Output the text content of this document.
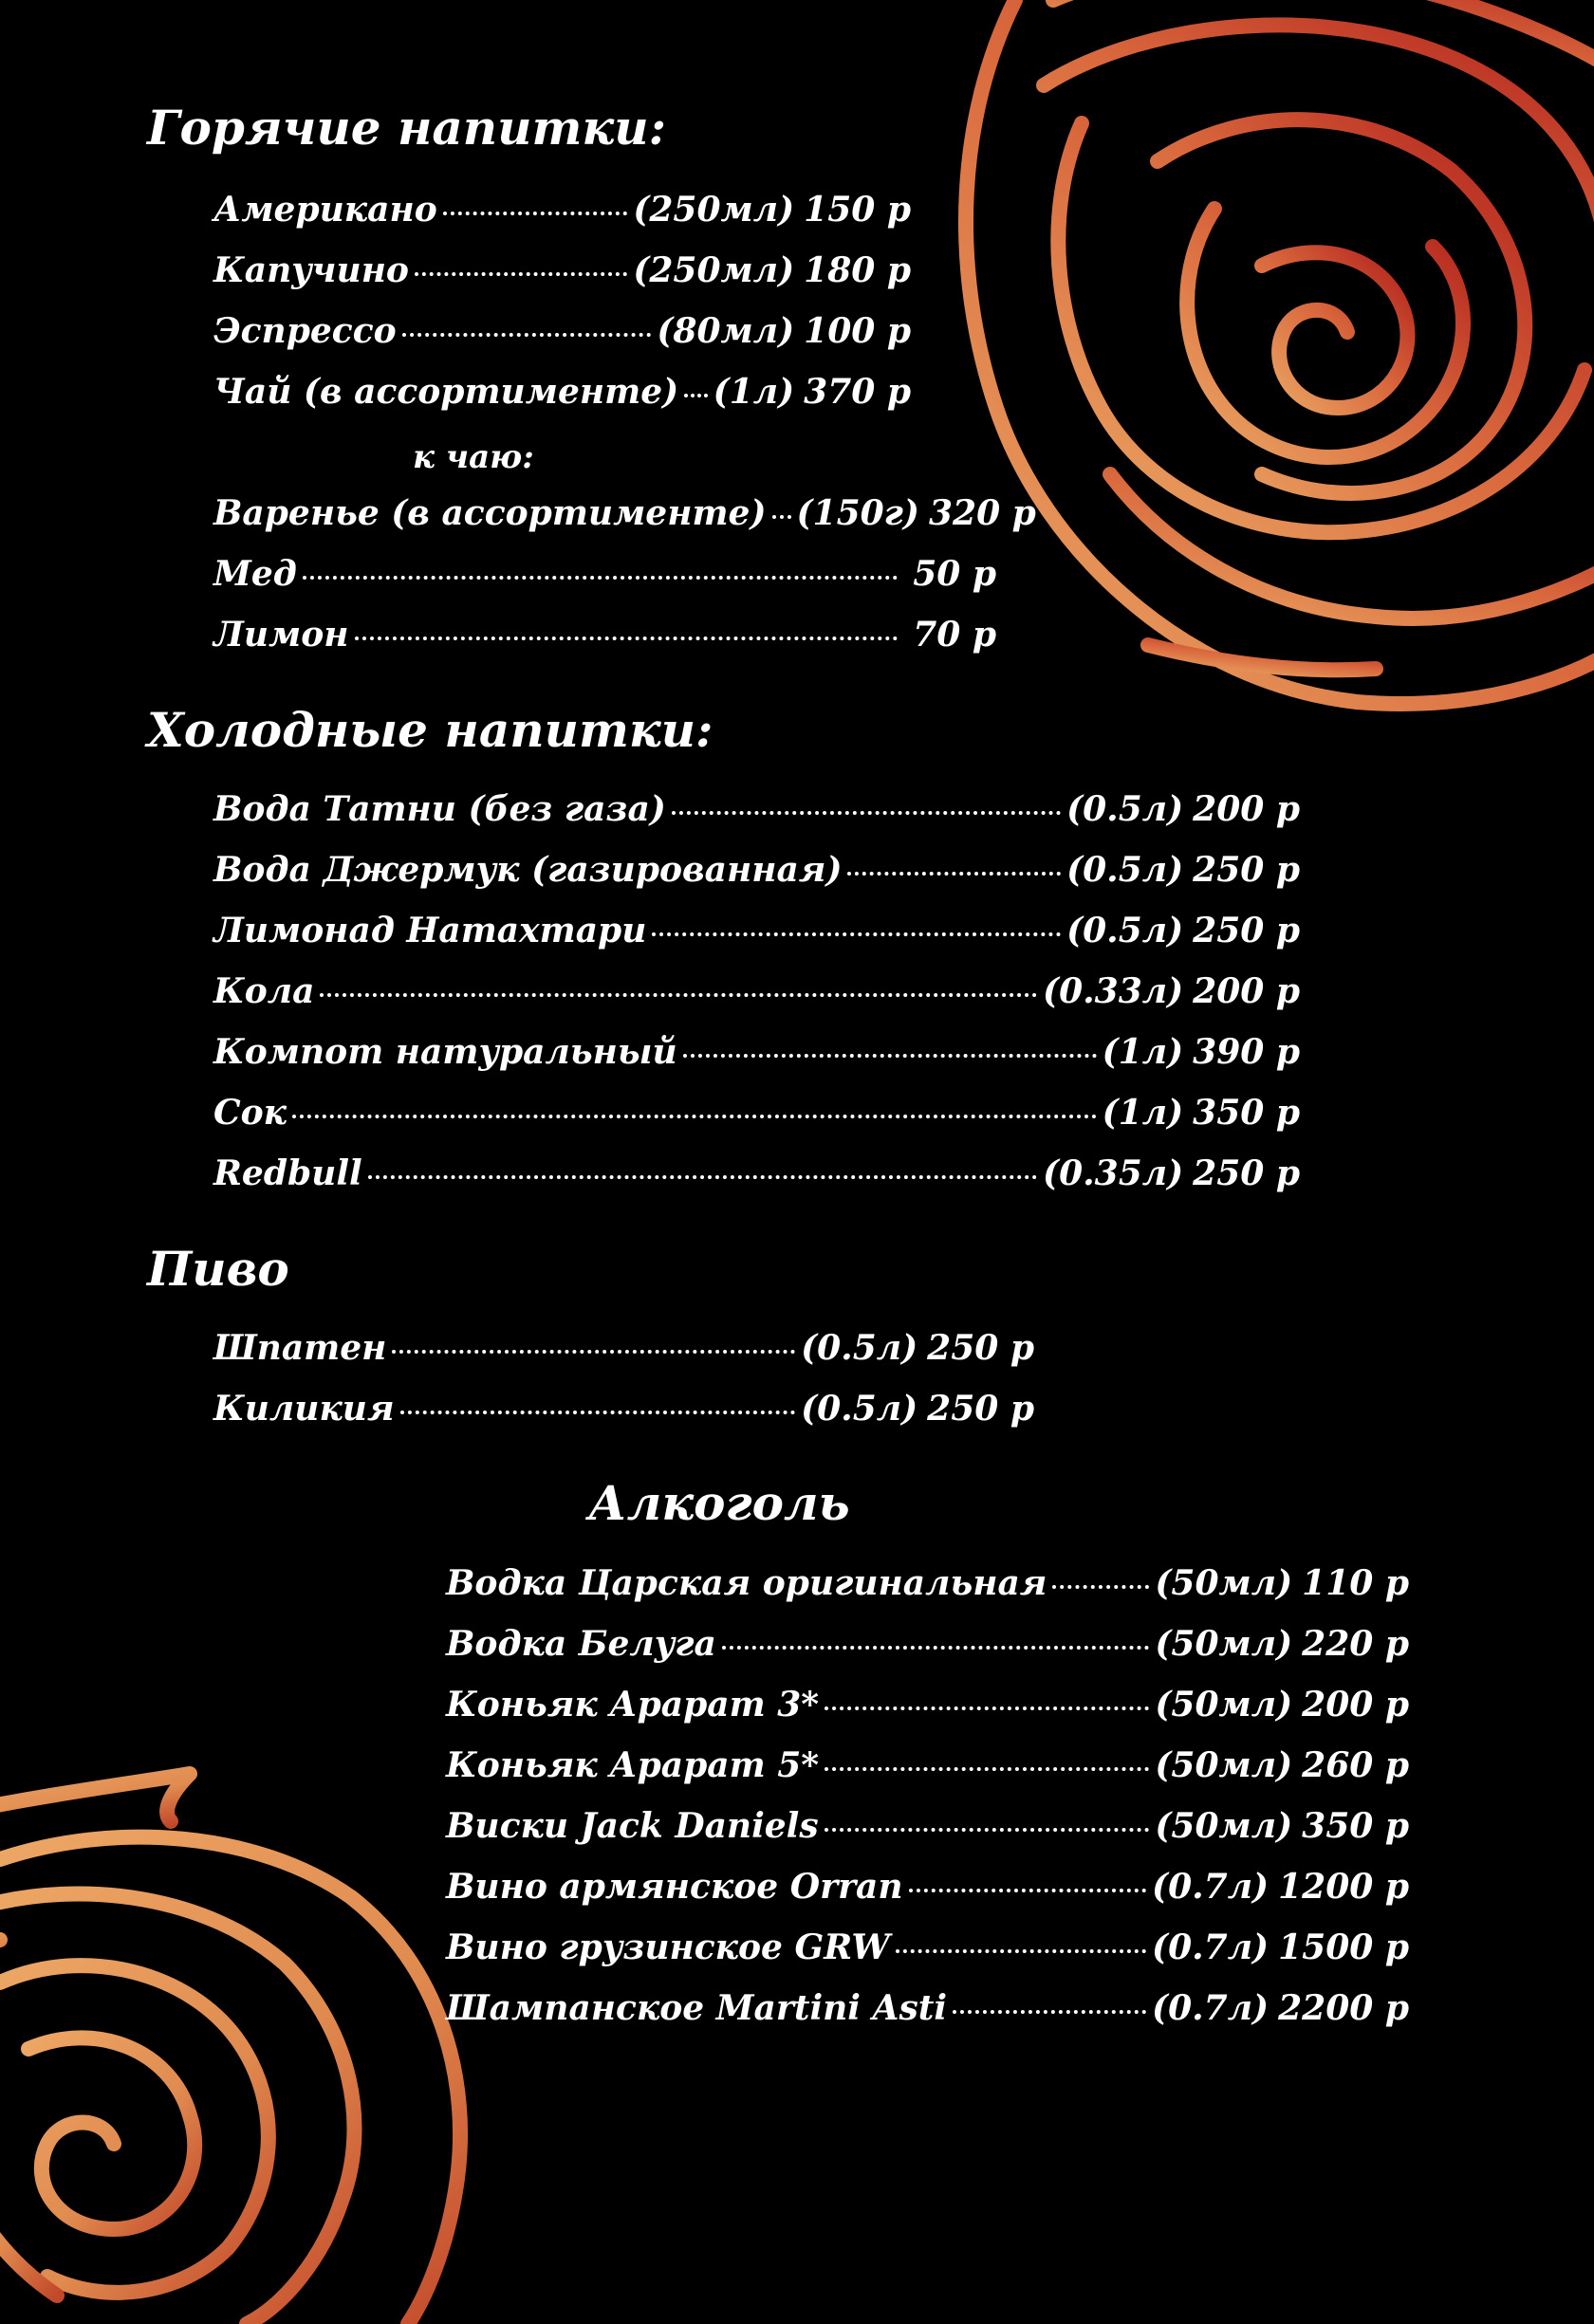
Горячие напитки:
Американо	(250мл) 150 р
Капучино	(250мл) 180 р
Эспрессо	(80мл) 100 р
Чай (в ассортименте) (1л) 370 р
к чаю:
Варенье (в ассортименте) (150г) 320 р
Мед	50 р
Лимон	70 р
Холодные напитки:
Вода Татни (без газа)	(0.5л) 200 р
Вода Джермук (газированная)	(0.5л) 250 р
Лимонад Натахтари	(0.5л) 250 р
Кола	(0.33л) 200 р
Компот натуральный	(1л) 390 р
Сок	(1л) 350 р
Redbull	(0.35л) 250 р
Пиво
Шпатен	(0.5л) 250 р
Киликия	(0.5л) 250 р
Алкоголь
Водка Царская оригинальная	(50мл) 110 р
Водка Белуга	(50мл) 220 р
Коньяк Арарат 3*	(50мл) 200 р
Коньяк Арарат 5*	(50мл) 260 р
Виски Jack Daniels	(50мл) 350 р
Вино армянское Orran	(0.7л) 1200 р
Вино грузинское GRW	(0.7л) 1500 р
Шампанское Martini Asti	(0.7л) 2200 р
